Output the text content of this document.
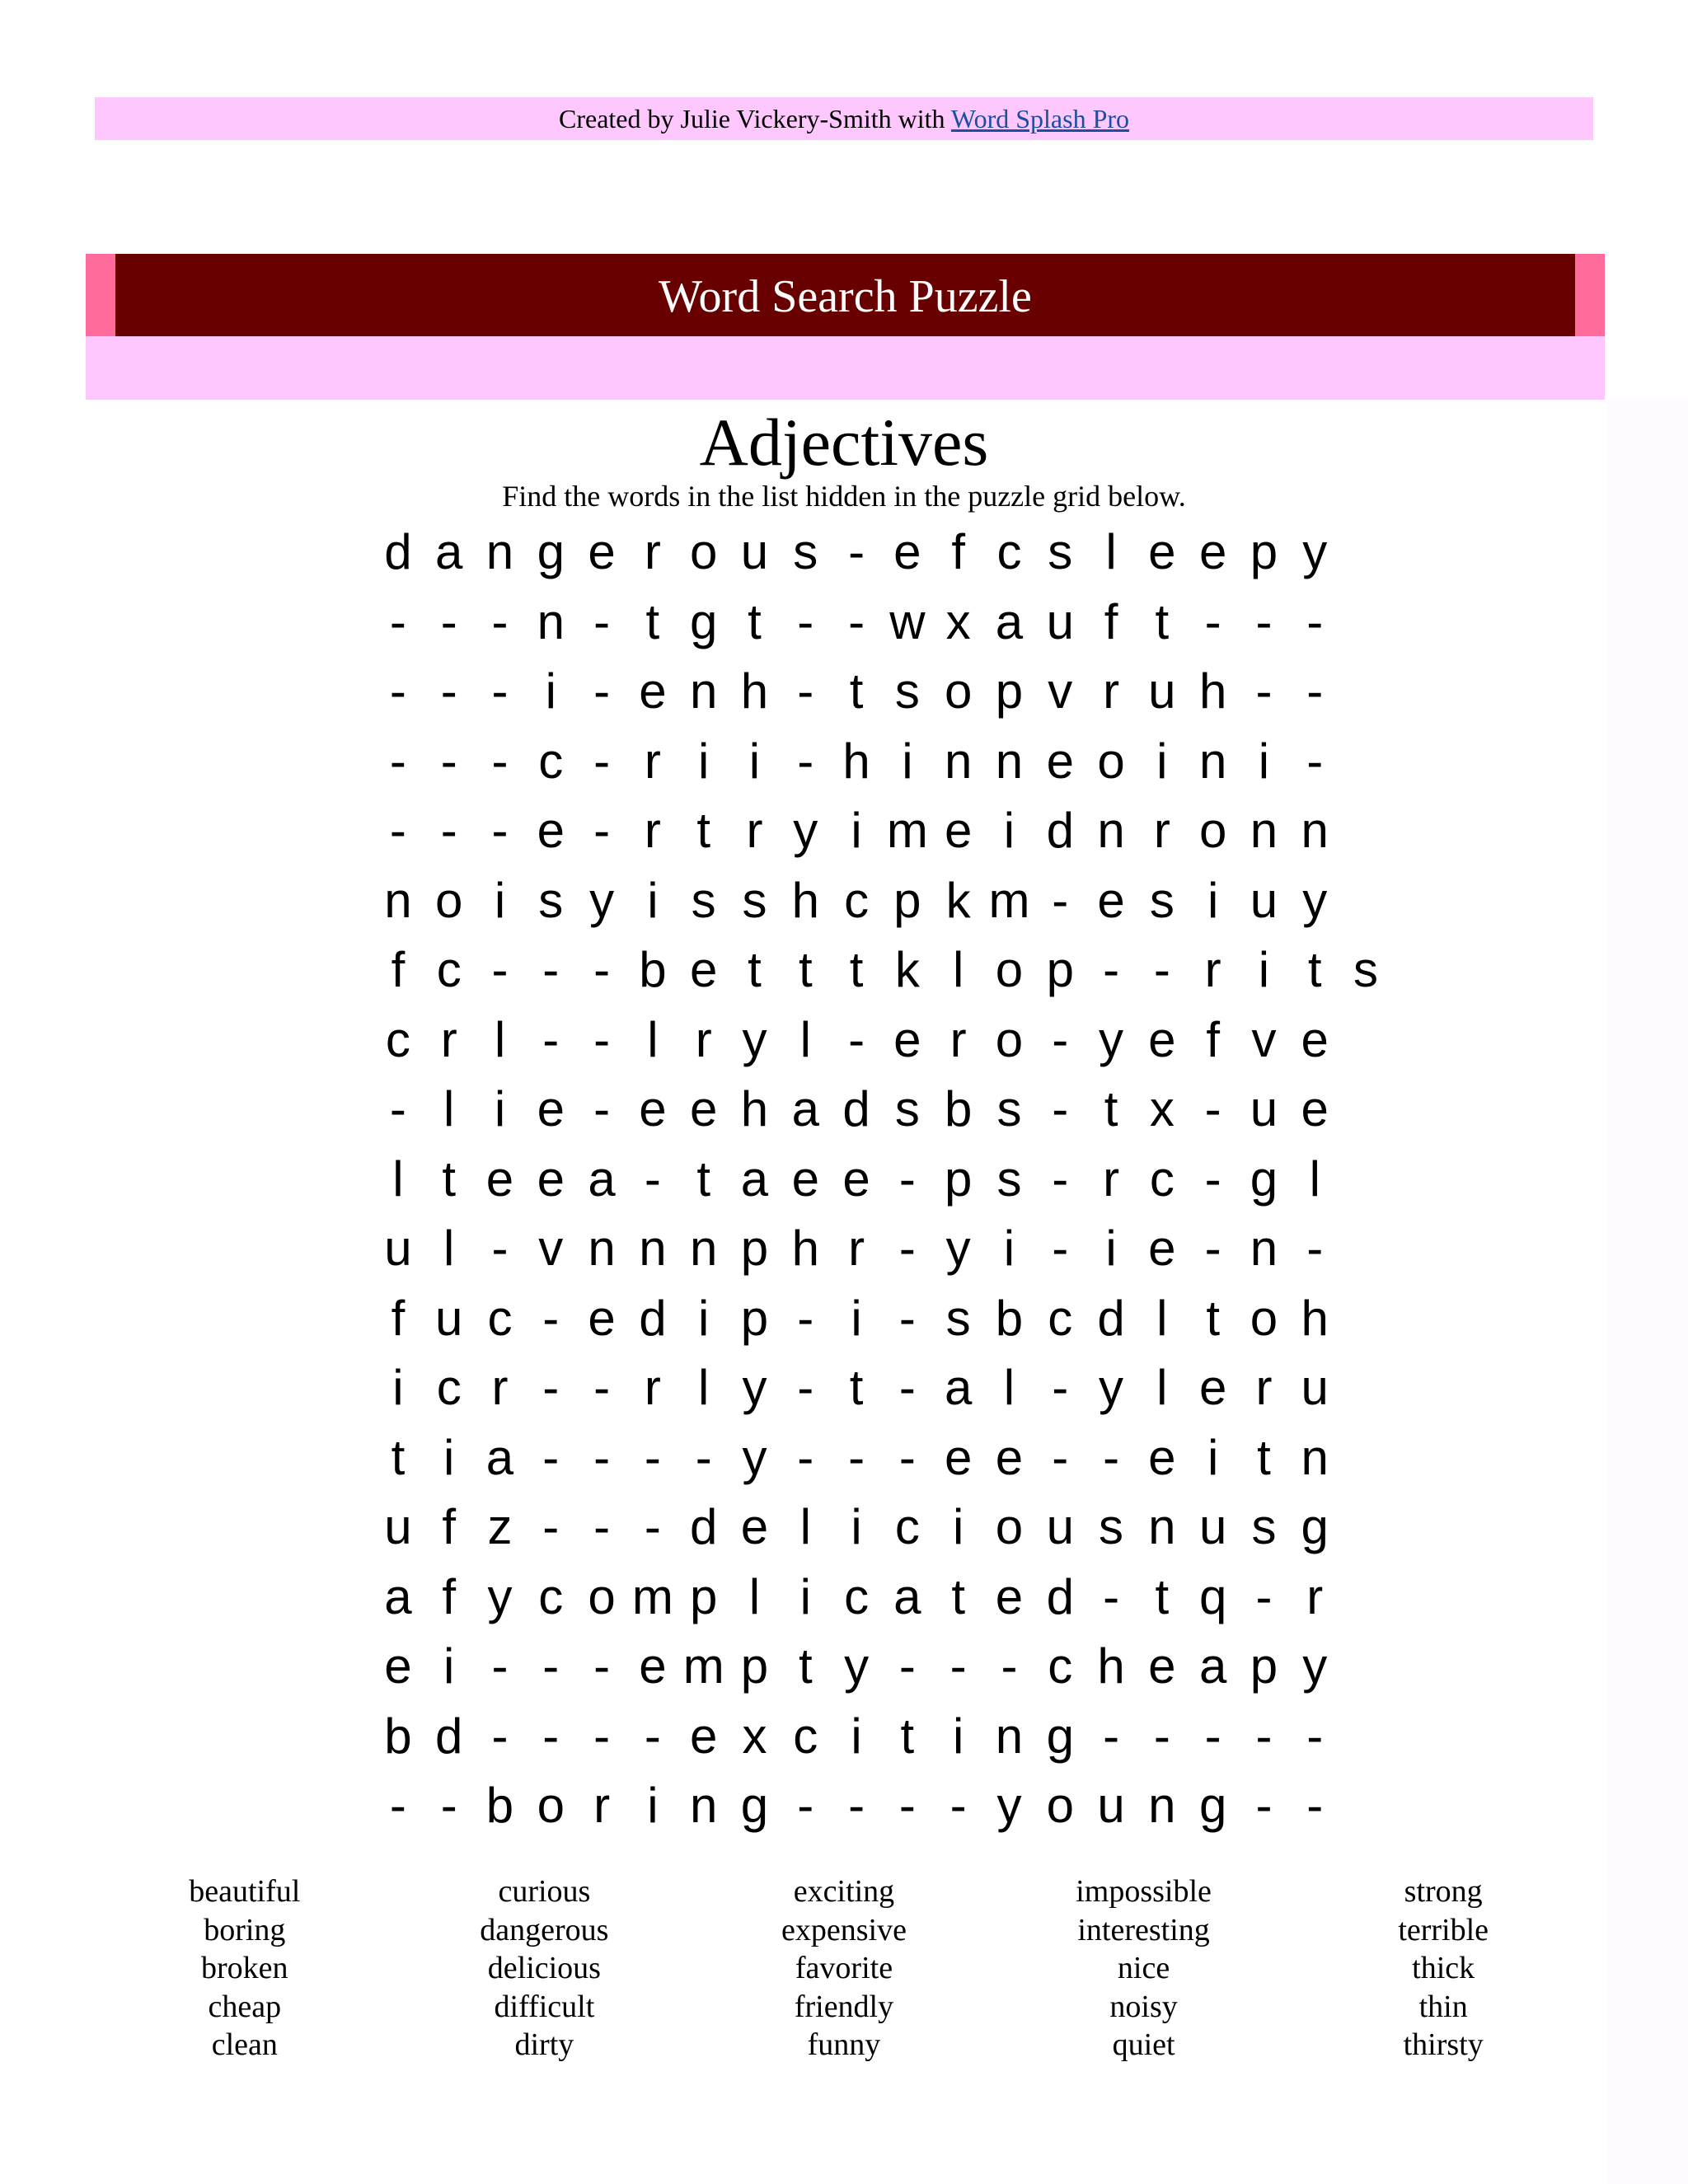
Created by Julie Vickery-Smith with Word Splash Pro
Word Search Puzzle
Adjectives
Find the words in the list hidden in the puzzle grid below.
d a n g e r o u s - e f c s l e e p y
- - - n - t g t - - w x a u f t - - -
- - - i - e n h - t s o p v r u h - -
- - - c - r i i - h i n n e o i n i -
- - - e - r t r y i m e i d n r o n n
n o i s y i s s h c p k m - e s i u y
f c - - - b e t t t k l o p - - r i t s
c r l - - l r y l - e r o - y e f v e
- l i e - e e h a d s b s - t x - u e
l t e e a - t a e e - p s - r c - g l
u l - v n n n p h r - y i - i e - n -
f u c - e d i p - i - s b c d l t o h
i c r - - r l y - t - a l - y l e r u
t i a - - - - y - - - e e - - e i t n
u f z - - - d e l i c i o u s n u s g
a f y c o m p l i c a t e d - t q - r
e i - - - e m p t y - - - c h e a p y
b d - - - - e x c i t i n g - - - - -
- - b o r i n g - - - - y o u n g - -
beautiful
boring
broken
cheap
clean
curious
dangerous
delicious
difficult
dirty
exciting
expensive
favorite
friendly
funny
impossible
interesting
nice
noisy
quiet
strong
terrible
thick
thin
thirsty
